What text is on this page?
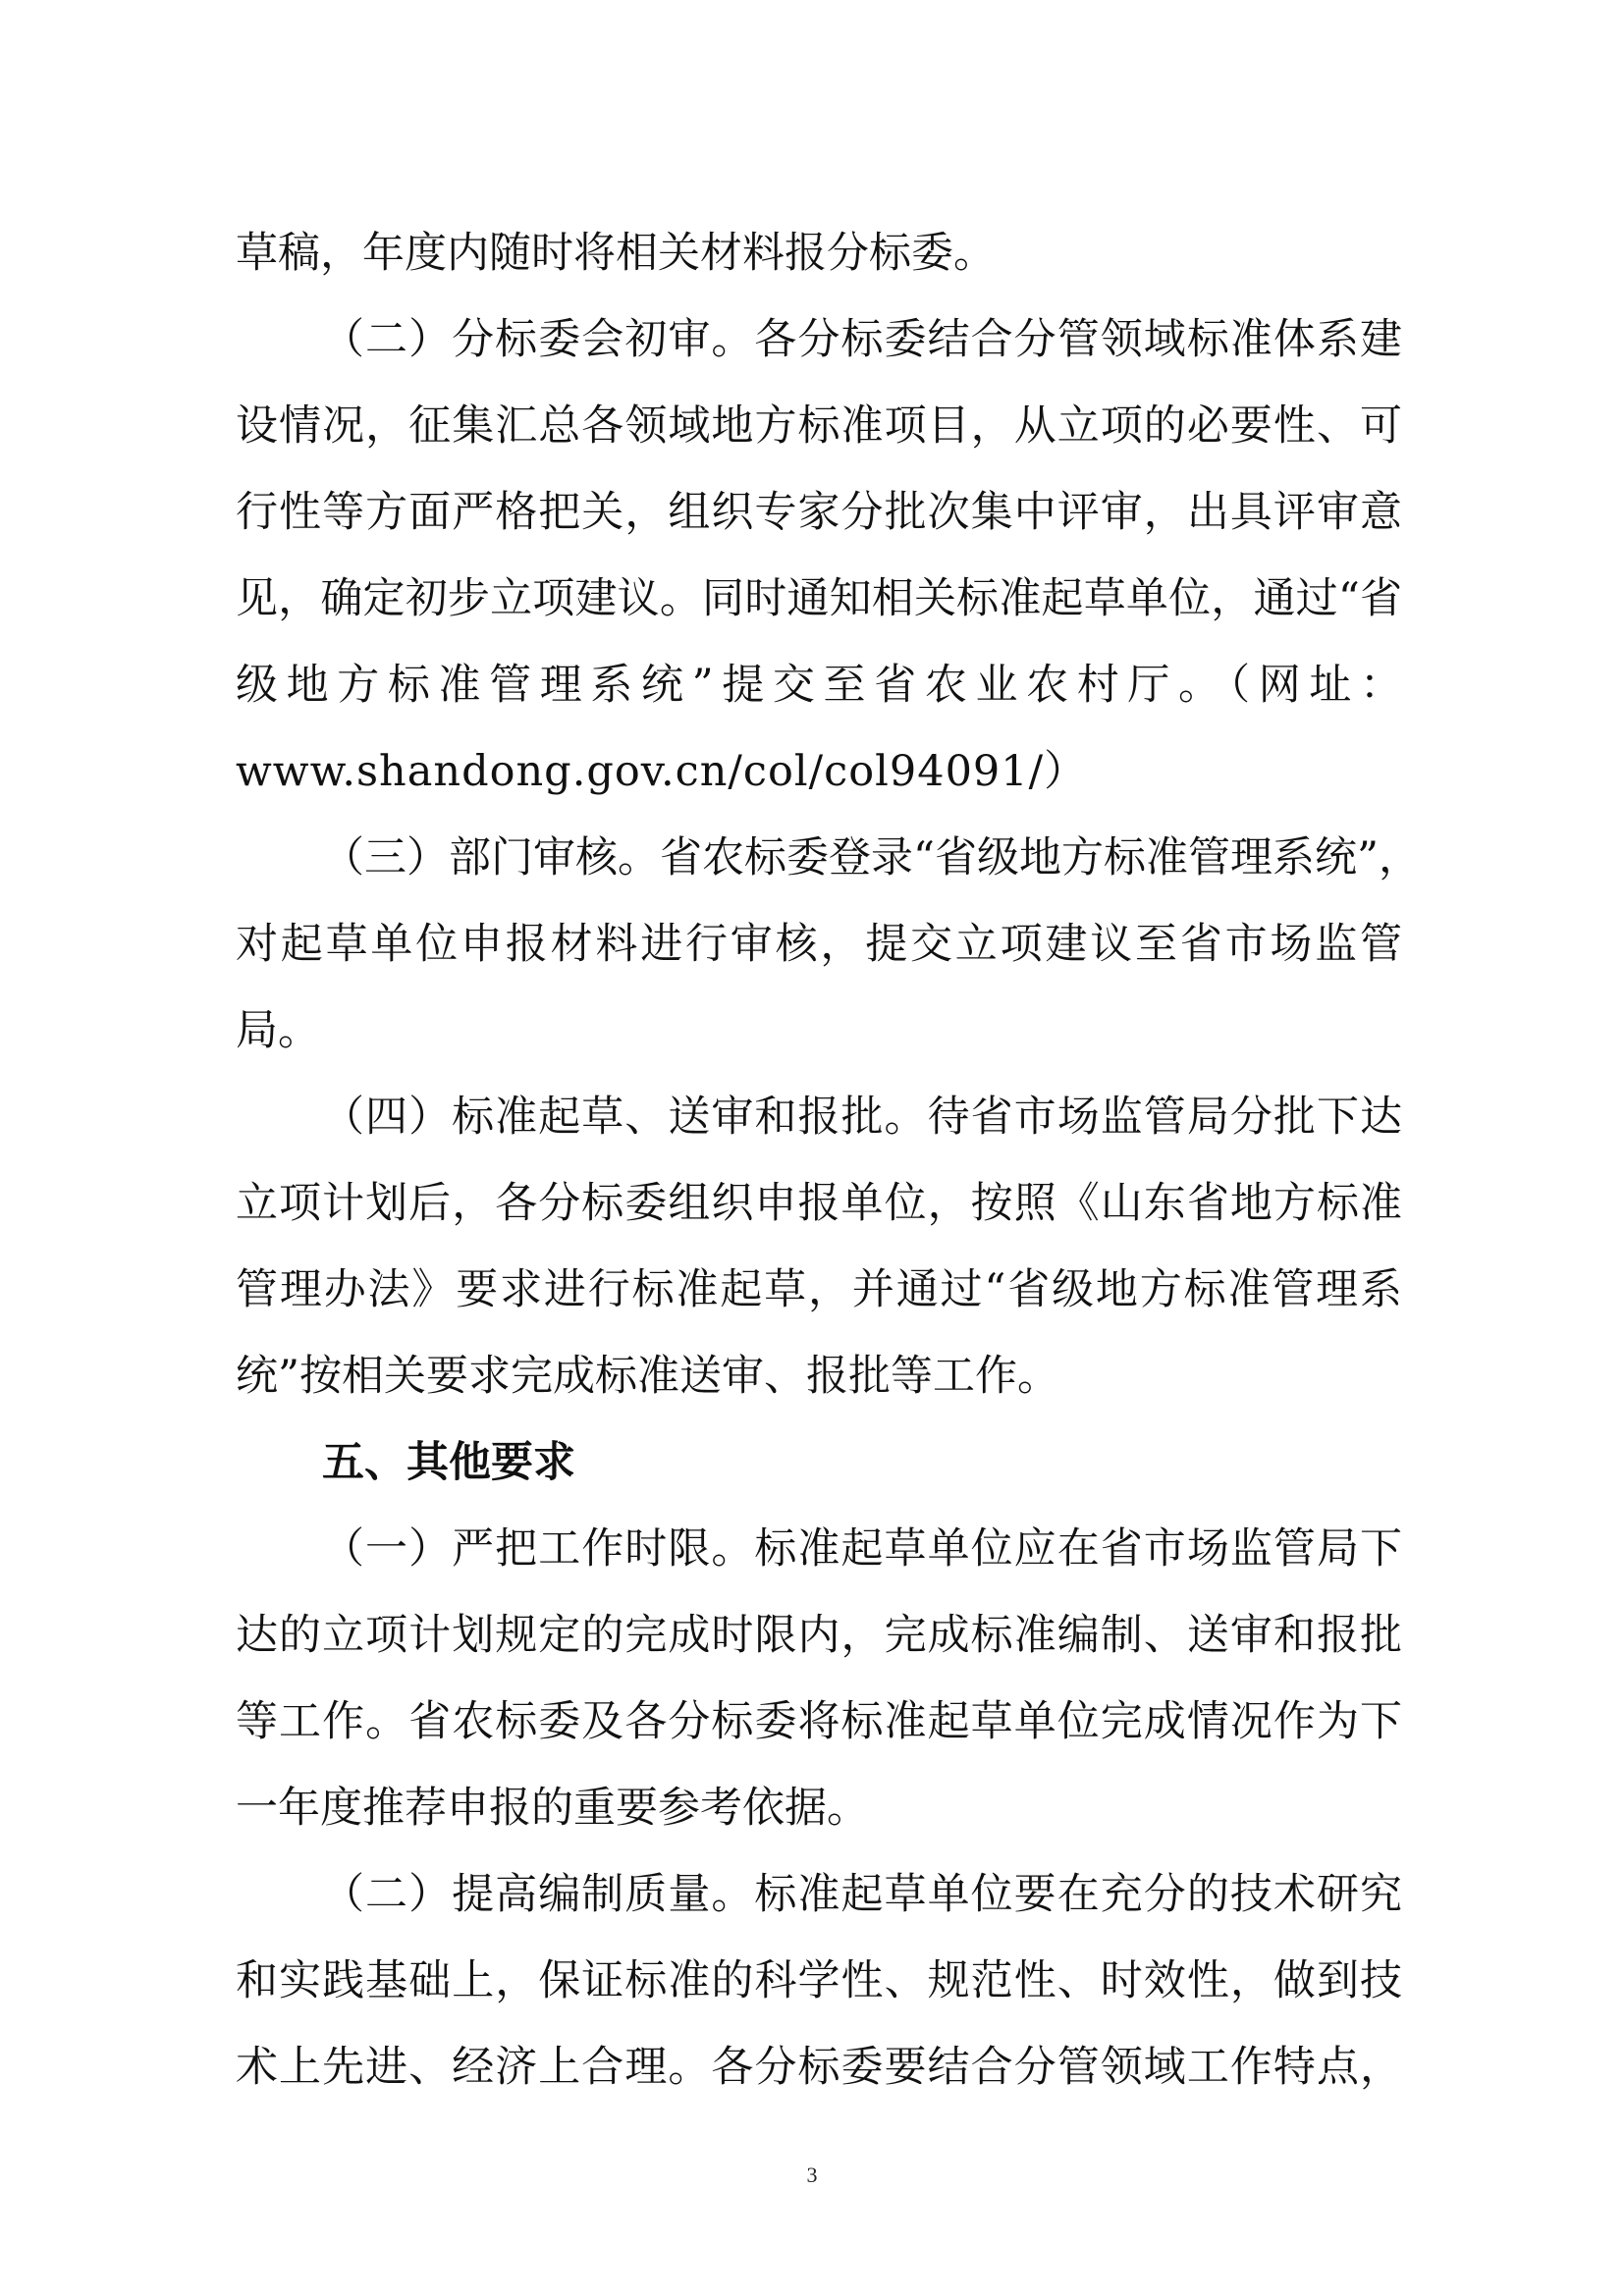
草稿，年度内随时将相关材料报分标委。
（二）分标委会初审。各分标委结合分管领域标准体系建
设情况，征集汇总各领域地方标准项目，从立项的必要性、可
行性等方面严格把关，组织专家分批次集中评审，出具评审意
见，确定初步立项建议。同时通知相关标准起草单位，通过“省
级地方标准管理系统”提交至省农业农村厅。（网址：
www.shandong.gov.cn/col/col94091/）
（三）部门审核。省农标委登录“省级地方标准管理系统”，
对起草单位申报材料进行审核，提交立项建议至省市场监管
局。
（四）标准起草、送审和报批。待省市场监管局分批下达
立项计划后，各分标委组织申报单位，按照《山东省地方标准
管理办法》要求进行标准起草，并通过“省级地方标准管理系
统”按相关要求完成标准送审、报批等工作。
五、其他要求
（一）严把工作时限。标准起草单位应在省市场监管局下
达的立项计划规定的完成时限内，完成标准编制、送审和报批
等工作。省农标委及各分标委将标准起草单位完成情况作为下
一年度推荐申报的重要参考依据。
（二）提高编制质量。标准起草单位要在充分的技术研究
和实践基础上，保证标准的科学性、规范性、时效性，做到技
术上先进、经济上合理。各分标委要结合分管领域工作特点，
3
